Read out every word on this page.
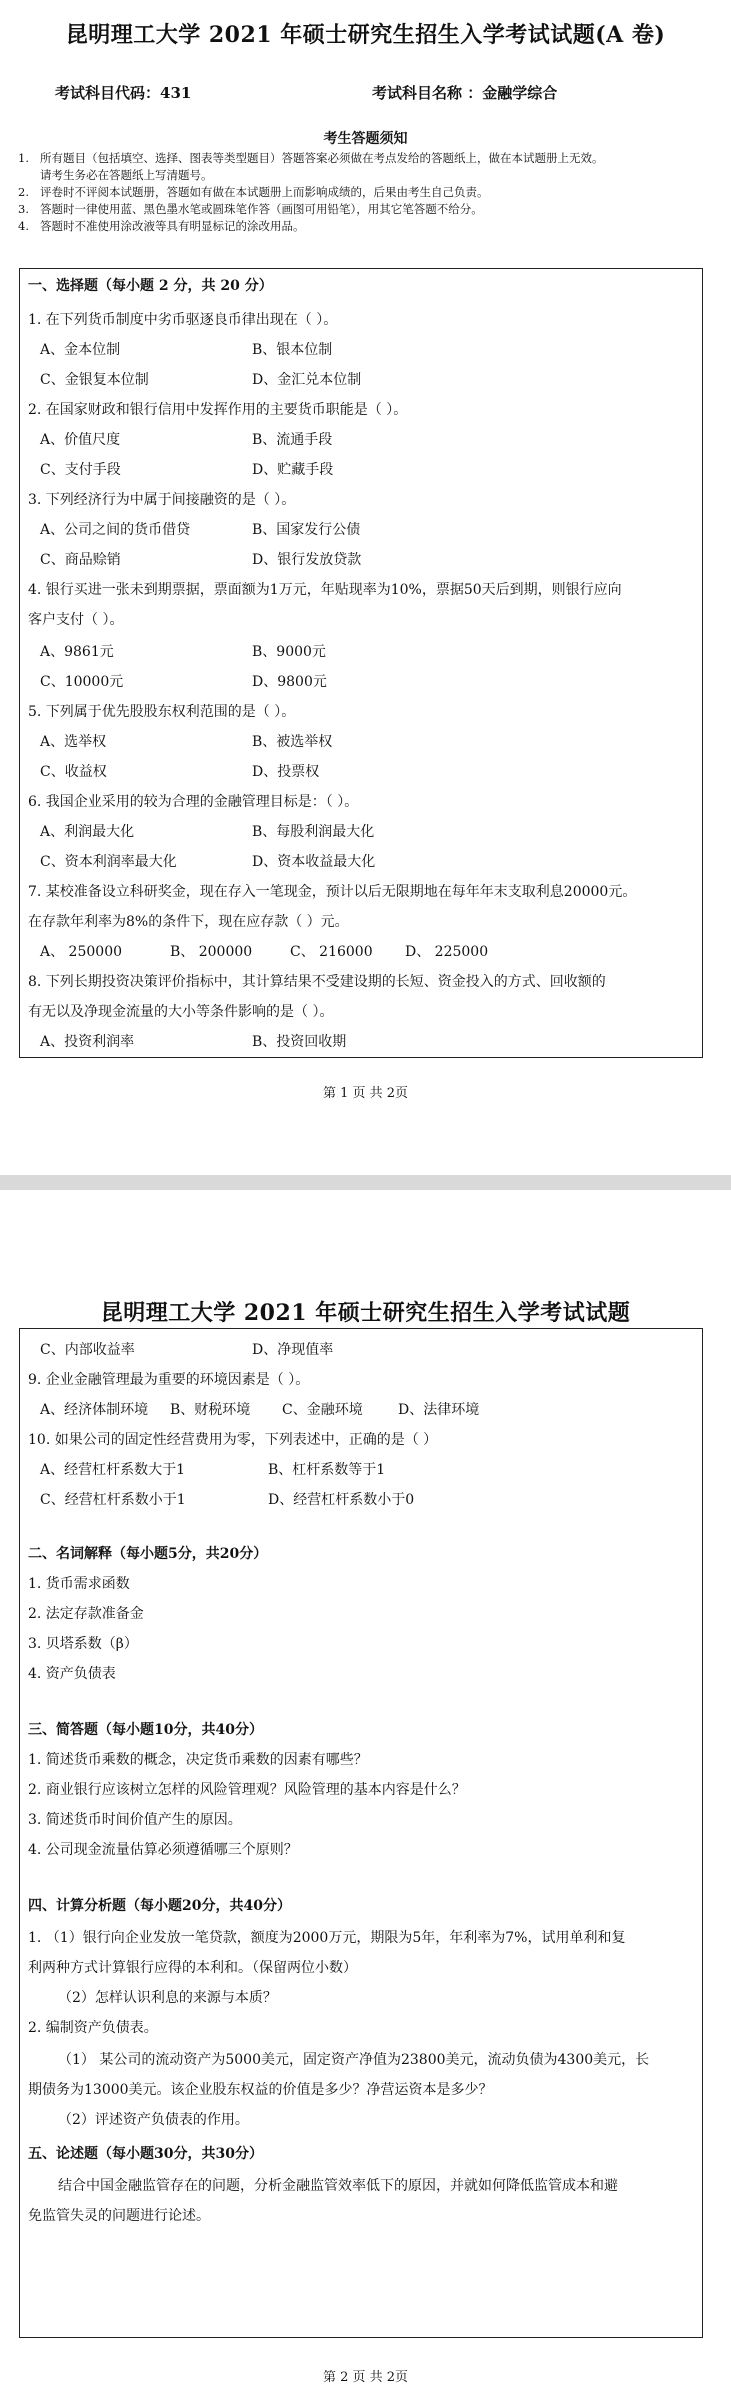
昆明理工大学 2021 年硕士研究生招生入学考试试题(A 卷)
考试科目代码：431	考试科目名称 ：金融学综合
考生答题须知
1. 所有题目（包括填空、选择、图表等类型题目）答题答案必须做在考点发给的答题纸上，做在本试题册上无效。
请考生务必在答题纸上写清题号。
2. 评卷时不评阅本试题册，答题如有做在本试题册上而影响成绩的，后果由考生自己负责。
3. 答题时一律使用蓝、黑色墨水笔或圆珠笔作答（画图可用铅笔），用其它笔答题不给分。
4. 答题时不准使用涂改液等具有明显标记的涂改用品。
一、选择题（每小题 2 分，共 20 分）
1. 在下列货币制度中劣币驱逐良币律出现在（ ）。
A、金本位制	B、银本位制
C、金银复本位制	D、金汇兑本位制
2. 在国家财政和银行信用中发挥作用的主要货币职能是（ ）。
A、价值尺度	B、流通手段
C、支付手段	D、贮藏手段
3. 下列经济行为中属于间接融资的是（ ）。
A、公司之间的货币借贷	B、国家发行公债
C、商品赊销	D、银行发放贷款
4. 银行买进一张未到期票据，票面额为1万元，年贴现率为10%，票据50天后到期，则银行应向
客户支付（ ）。
A、9861元	B、9000元
C、10000元	D、9800元
5. 下列属于优先股股东权利范围的是（ ）。
A、选举权	B、被选举权
C、收益权	D、投票权
6. 我国企业采用的较为合理的金融管理目标是：（ ）。
A、利润最大化	B、每股利润最大化
C、资本利润率最大化	D、资本收益最大化
7. 某校准备设立科研奖金，现在存入一笔现金，预计以后无限期地在每年年末支取利息20000元。
在存款年利率为8%的条件下，现在应存款（ ）元。
A、 250000	B、 200000	C、 216000 D、 225000
8. 下列长期投资决策评价指标中，其计算结果不受建设期的长短、资金投入的方式、回收额的
有无以及净现金流量的大小等条件影响的是（ ）。
A、投资利润率	B、投资回收期
第 1 页 共 2页
昆明理工大学 2021 年硕士研究生招生入学考试试题
C、内部收益率	D、净现值率
9. 企业金融管理最为重要的环境因素是（ ）。
A、经济体制环境 B、财税环境 C、金融环境	D、法律环境
10. 如果公司的固定性经营费用为零，下列表述中，正确的是（ ）
A、经营杠杆系数大于1	B、杠杆系数等于1
C、经营杠杆系数小于1	D、经营杠杆系数小于0
二、名词解释（每小题5分，共20分）
1. 货币需求函数
2. 法定存款准备金
3. 贝塔系数（β）
4. 资产负债表
三、简答题（每小题10分，共40分）
1. 简述货币乘数的概念，决定货币乘数的因素有哪些？
2. 商业银行应该树立怎样的风险管理观？风险管理的基本内容是什么？
3. 简述货币时间价值产生的原因。
4. 公司现金流量估算必须遵循哪三个原则？
四、计算分析题（每小题20分，共40分）
1. （1）银行向企业发放一笔贷款，额度为2000万元，期限为5年，年利率为7%，试用单利和复
利两种方式计算银行应得的本利和。（保留两位小数）
（2）怎样认识利息的来源与本质？
2. 编制资产负债表。
（1） 某公司的流动资产为5000美元，固定资产净值为23800美元，流动负债为4300美元，长
期债务为13000美元。该企业股东权益的价值是多少？净营运资本是多少？
（2）评述资产负债表的作用。
五、论述题（每小题30分，共30分）
结合中国金融监管存在的问题，分析金融监管效率低下的原因，并就如何降低监管成本和避
免监管失灵的问题进行论述。
第 2 页 共 2页
